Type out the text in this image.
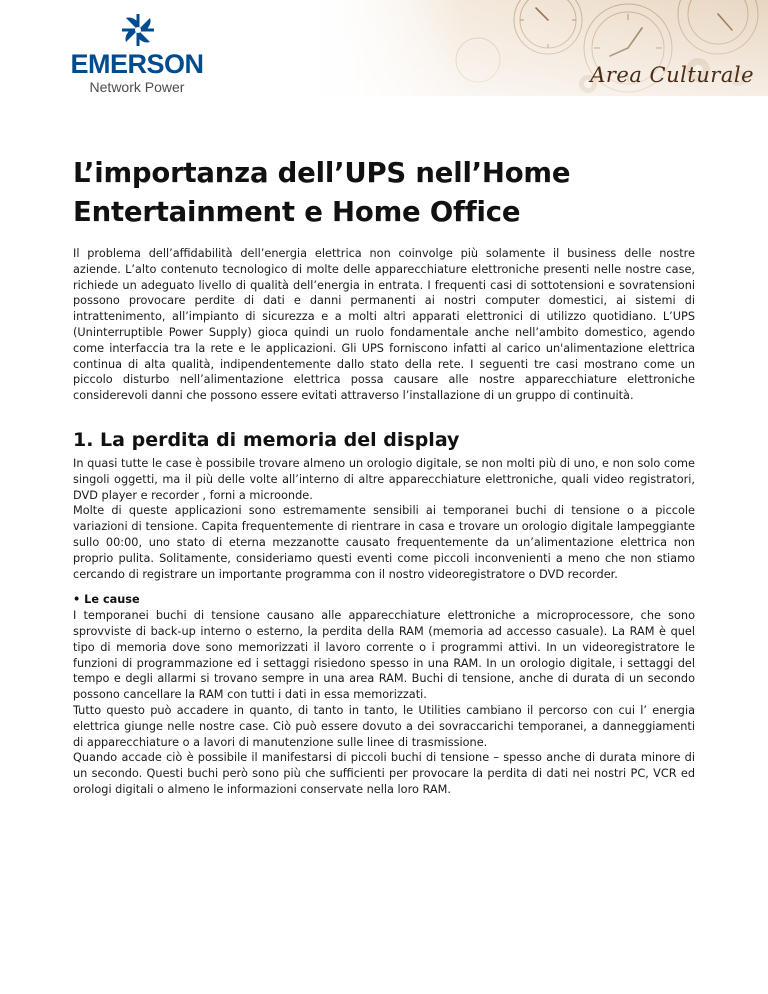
EMERSON
Network Power	Area Culturale
L’importanza dell’UPS nell’Home
Entertainment e Home Office

Il problema dell’affidabilità dell’energia elettrica non coinvolge più solamente il business delle nostre aziende. L’alto contenuto tecnologico di molte delle apparecchiature elettroniche presenti nelle nostre case, richiede un adeguato livello di qualità dell’energia in entrata. I frequenti casi di sottotensioni e sovratensioni possono provocare perdite di dati e danni permanenti ai nostri computer domestici, ai sistemi di intrattenimento, all’impianto di sicurezza e a molti altri apparati elettronici di utilizzo quotidiano. L’UPS (Uninterruptible Power Supply) gioca quindi un ruolo fondamentale anche nell’ambito domestico, agendo come interfaccia tra la rete e le applicazioni. Gli UPS forniscono infatti al carico un'alimentazione elettrica continua di alta qualità, indipendentemente dallo stato della rete. I seguenti tre casi mostrano come un piccolo disturbo nell’alimentazione elettrica possa causare alle nostre apparecchiature elettroniche considerevoli danni che possono essere evitati attraverso l’installazione di un gruppo di continuità.

1. La perdita di memoria del display

In quasi tutte le case è possibile trovare almeno un orologio digitale, se non molti più di uno, e non solo come singoli oggetti, ma il più delle volte all’interno di altre apparecchiature elettroniche, quali video registratori, DVD player e recorder , forni a microonde.

Molte di queste applicazioni sono estremamente sensibili ai temporanei buchi di tensione o a piccole variazioni di tensione. Capita frequentemente di rientrare in casa e trovare un orologio digitale lampeggiante sullo 00:00, uno stato di eterna mezzanotte causato frequentemente da un’alimentazione elettrica non proprio pulita. Solitamente, consideriamo questi eventi come piccoli inconvenienti a meno che non stiamo cercando di registrare un importante programma con il nostro videoregistratore o DVD recorder.

• Le cause

I temporanei buchi di tensione causano alle apparecchiature elettroniche a microprocessore, che sono sprovviste di back-up interno o esterno, la perdita della RAM (memoria ad accesso casuale). La RAM è quel tipo di memoria dove sono memorizzati il lavoro corrente o i programmi attivi. In un videoregistratore le funzioni di programmazione ed i settaggi risiedono spesso in una RAM. In un orologio digitale, i settaggi del tempo e degli allarmi si trovano sempre in una area RAM. Buchi di tensione, anche di durata di un secondo possono cancellare la RAM con tutti i dati in essa memorizzati.

Tutto questo può accadere in quanto, di tanto in tanto, le Utilities cambiano il percorso con cui l’ energia elettrica giunge nelle nostre case. Ciò può essere dovuto a dei sovraccarichi temporanei, a danneggiamenti di apparecchiature o a lavori di manutenzione sulle linee di trasmissione.

Quando accade ciò è possibile il manifestarsi di piccoli buchi di tensione – spesso anche di durata minore di un secondo. Questi buchi però sono più che sufficienti per provocare la perdita di dati nei nostri PC, VCR ed orologi digitali o almeno le informazioni conservate nella loro RAM.
